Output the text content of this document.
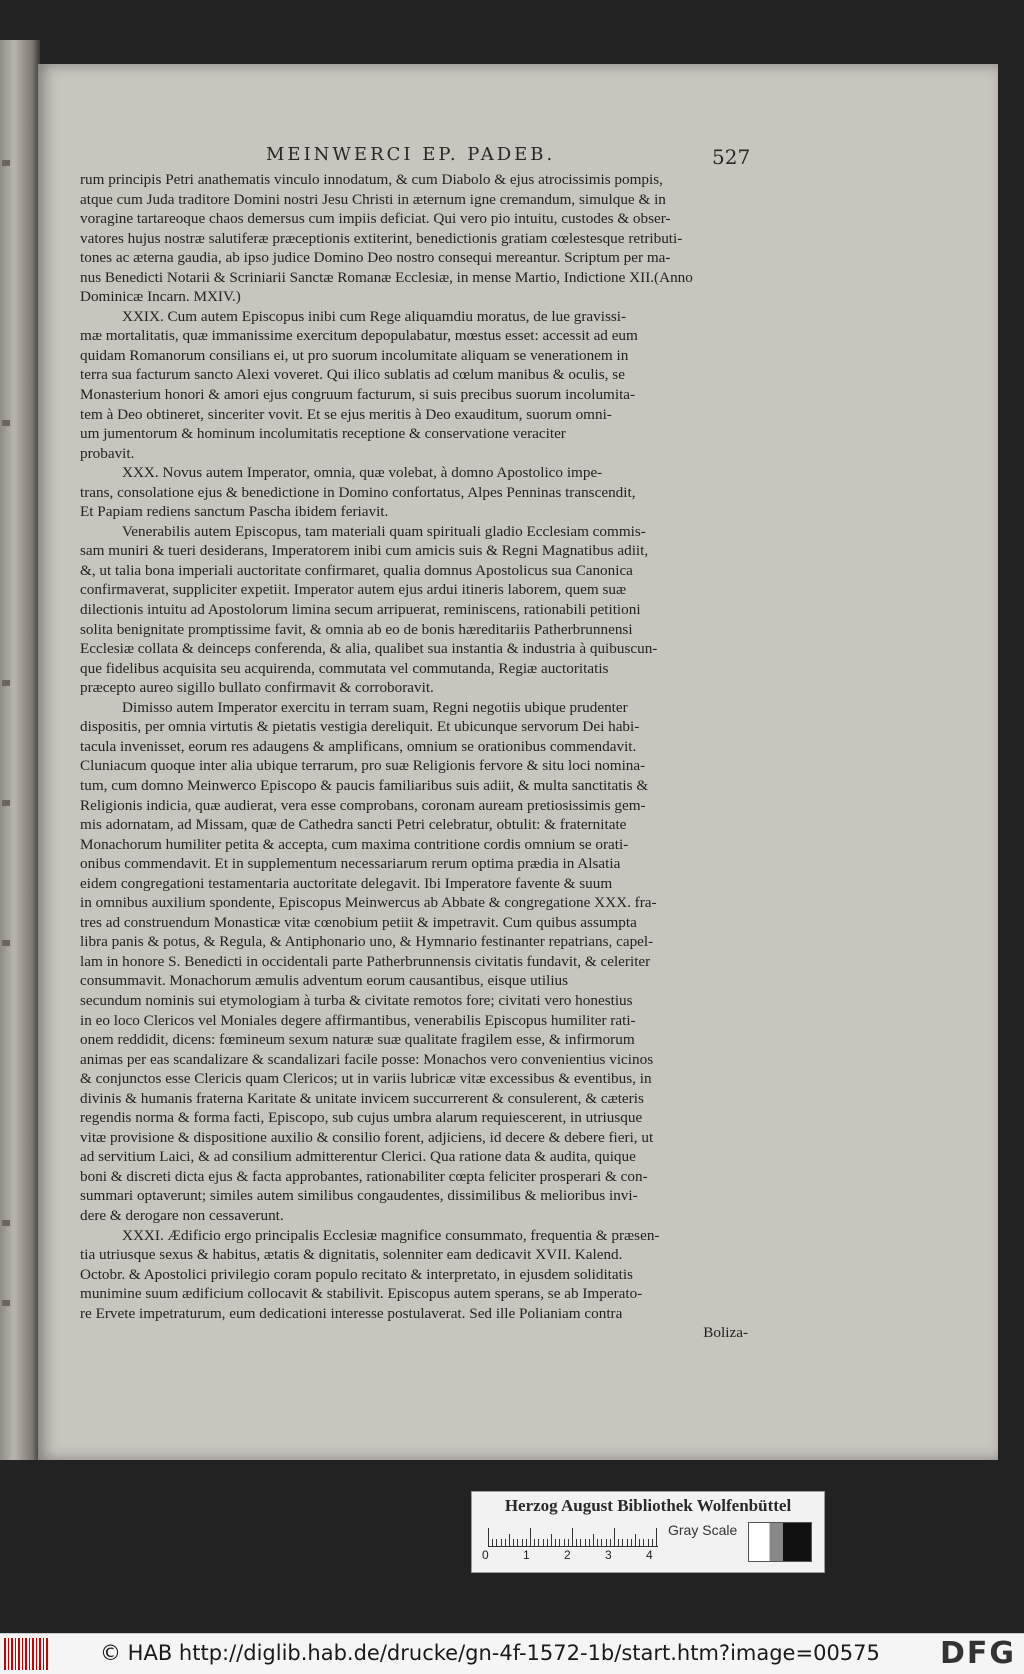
MEINWERCI EP. PADEB.	527

rum principis Petri anathematis vinculo innodatum, & cum Diabolo & ejus atrocissimis pompis,

atque cum Juda traditore Domini nostri Jesu Christi in æternum igne cremandum, simulque & in

voragine tartareoque chaos demersus cum impiis deficiat. Qui vero pio intuitu, custodes & obser-

vatores hujus nostræ salutiferæ præceptionis extiterint, benedictionis gratiam cœlestesque retributi-

tones ac æterna gaudia, ab ipso judice Domino Deo nostro consequi mereantur. Scriptum per ma-

nus Benedicti Notarii & Scriniarii Sanctæ Romanæ Ecclesiæ, in mense Martio, Indictione XII.(Anno

Dominicæ Incarn. MXIV.)

XXIX. Cum autem Episcopus inibi cum Rege aliquamdiu moratus, de lue gravissi-

mæ mortalitatis, quæ immanissime exercitum depopulabatur, mœstus esset: accessit ad eum

quidam Romanorum consilians ei, ut pro suorum incolumitate aliquam se venerationem in

terra sua facturum sancto Alexi voveret. Qui ilico sublatis ad cœlum manibus & oculis, se

Monasterium honori & amori ejus congruum facturum, si suis precibus suorum incolumita-

tem à Deo obtineret, sinceriter vovit. Et se ejus meritis à Deo exauditum, suorum omni-

um jumentorum & hominum incolumitatis receptione & conservatione veraciter

probavit.

XXX. Novus autem Imperator, omnia, quæ volebat, à domno Apostolico impe-

trans, consolatione ejus & benedictione in Domino confortatus, Alpes Penninas transcendit,

Et Papiam rediens sanctum Pascha ibidem feriavit.

Venerabilis autem Episcopus, tam materiali quam spirituali gladio Ecclesiam commis-

sam muniri & tueri desiderans, Imperatorem inibi cum amicis suis & Regni Magnatibus adiit,

&, ut talia bona imperiali auctoritate confirmaret, qualia domnus Apostolicus sua Canonica

confirmaverat, suppliciter expetiit. Imperator autem ejus ardui itineris laborem, quem suæ

dilectionis intuitu ad Apostolorum limina secum arripuerat, reminiscens, rationabili petitioni

solita benignitate promptissime favit, & omnia ab eo de bonis hæreditariis Patherbrunnensi

Ecclesiæ collata & deinceps conferenda, & alia, qualibet sua instantia & industria à quibuscun-

que fidelibus acquisita seu acquirenda, commutata vel commutanda, Regiæ auctoritatis

præcepto aureo sigillo bullato confirmavit & corroboravit.

Dimisso autem Imperator exercitu in terram suam, Regni negotiis ubique prudenter

dispositis, per omnia virtutis & pietatis vestigia dereliquit. Et ubicunque servorum Dei habi-

tacula invenisset, eorum res adaugens & amplificans, omnium se orationibus commendavit.

Cluniacum quoque inter alia ubique terrarum, pro suæ Religionis fervore & situ loci nomina-

tum, cum domno Meinwerco Episcopo & paucis familiaribus suis adiit, & multa sanctitatis &

Religionis indicia, quæ audierat, vera esse comprobans, coronam auream pretiosissimis gem-

mis adornatam, ad Missam, quæ de Cathedra sancti Petri celebratur, obtulit: & fraternitate

Monachorum humiliter petita & accepta, cum maxima contritione cordis omnium se orati-

onibus commendavit. Et in supplementum necessariarum rerum optima prædia in Alsatia

eidem congregationi testamentaria auctoritate delegavit. Ibi Imperatore favente & suum

in omnibus auxilium spondente, Episcopus Meinwercus ab Abbate & congregatione XXX. fra-

tres ad construendum Monasticæ vitæ cœnobium petiit & impetravit. Cum quibus assumpta

libra panis & potus, & Regula, & Antiphonario uno, & Hymnario festinanter repatrians, capel-

lam in honore S. Benedicti in occidentali parte Patherbrunnensis civitatis fundavit, & celeriter

consummavit. Monachorum æmulis adventum eorum causantibus, eisque utilius

secundum nominis sui etymologiam à turba & civitate remotos fore; civitati vero honestius

in eo loco Clericos vel Moniales degere affirmantibus, venerabilis Episcopus humiliter rati-

onem reddidit, dicens: fœmineum sexum naturæ suæ qualitate fragilem esse, & infirmorum

animas per eas scandalizare & scandalizari facile posse: Monachos vero convenientius vicinos

& conjunctos esse Clericis quam Clericos; ut in variis lubricæ vitæ excessibus & eventibus, in

divinis & humanis fraterna Karitate & unitate invicem succurrerent & consulerent, & cæteris

regendis norma & forma facti, Episcopo, sub cujus umbra alarum requiescerent, in utriusque

vitæ provisione & dispositione auxilio & consilio forent, adjiciens, id decere & debere fieri, ut

ad servitium Laici, & ad consilium admitterentur Clerici. Qua ratione data & audita, quique

boni & discreti dicta ejus & facta approbantes, rationabiliter cœpta feliciter prosperari & con-

summari optaverunt; similes autem similibus congaudentes, dissimilibus & melioribus invi-

dere & derogare non cessaverunt.

XXXI. Ædificio ergo principalis Ecclesiæ magnifice consummato, frequentia & præsen-

tia utriusque sexus & habitus, ætatis & dignitatis, solenniter eam dedicavit XVII. Kalend.

Octobr. & Apostolici privilegio coram populo recitato & interpretato, in ejusdem soliditatis

munimine suum ædificium collocavit & stabilivit. Episcopus autem sperans, se ab Imperato-

re Ervete impetraturum, eum dedicationi interesse postulaverat. Sed ille Polianiam contra

Boliza-

Herzog August Bibliothek Wolfenbüttel
0	1	2	3	4
Gray Scale
© HAB http://diglib.hab.de/drucke/gn-4f-1572-1b/start.htm?image=00575 DFG
